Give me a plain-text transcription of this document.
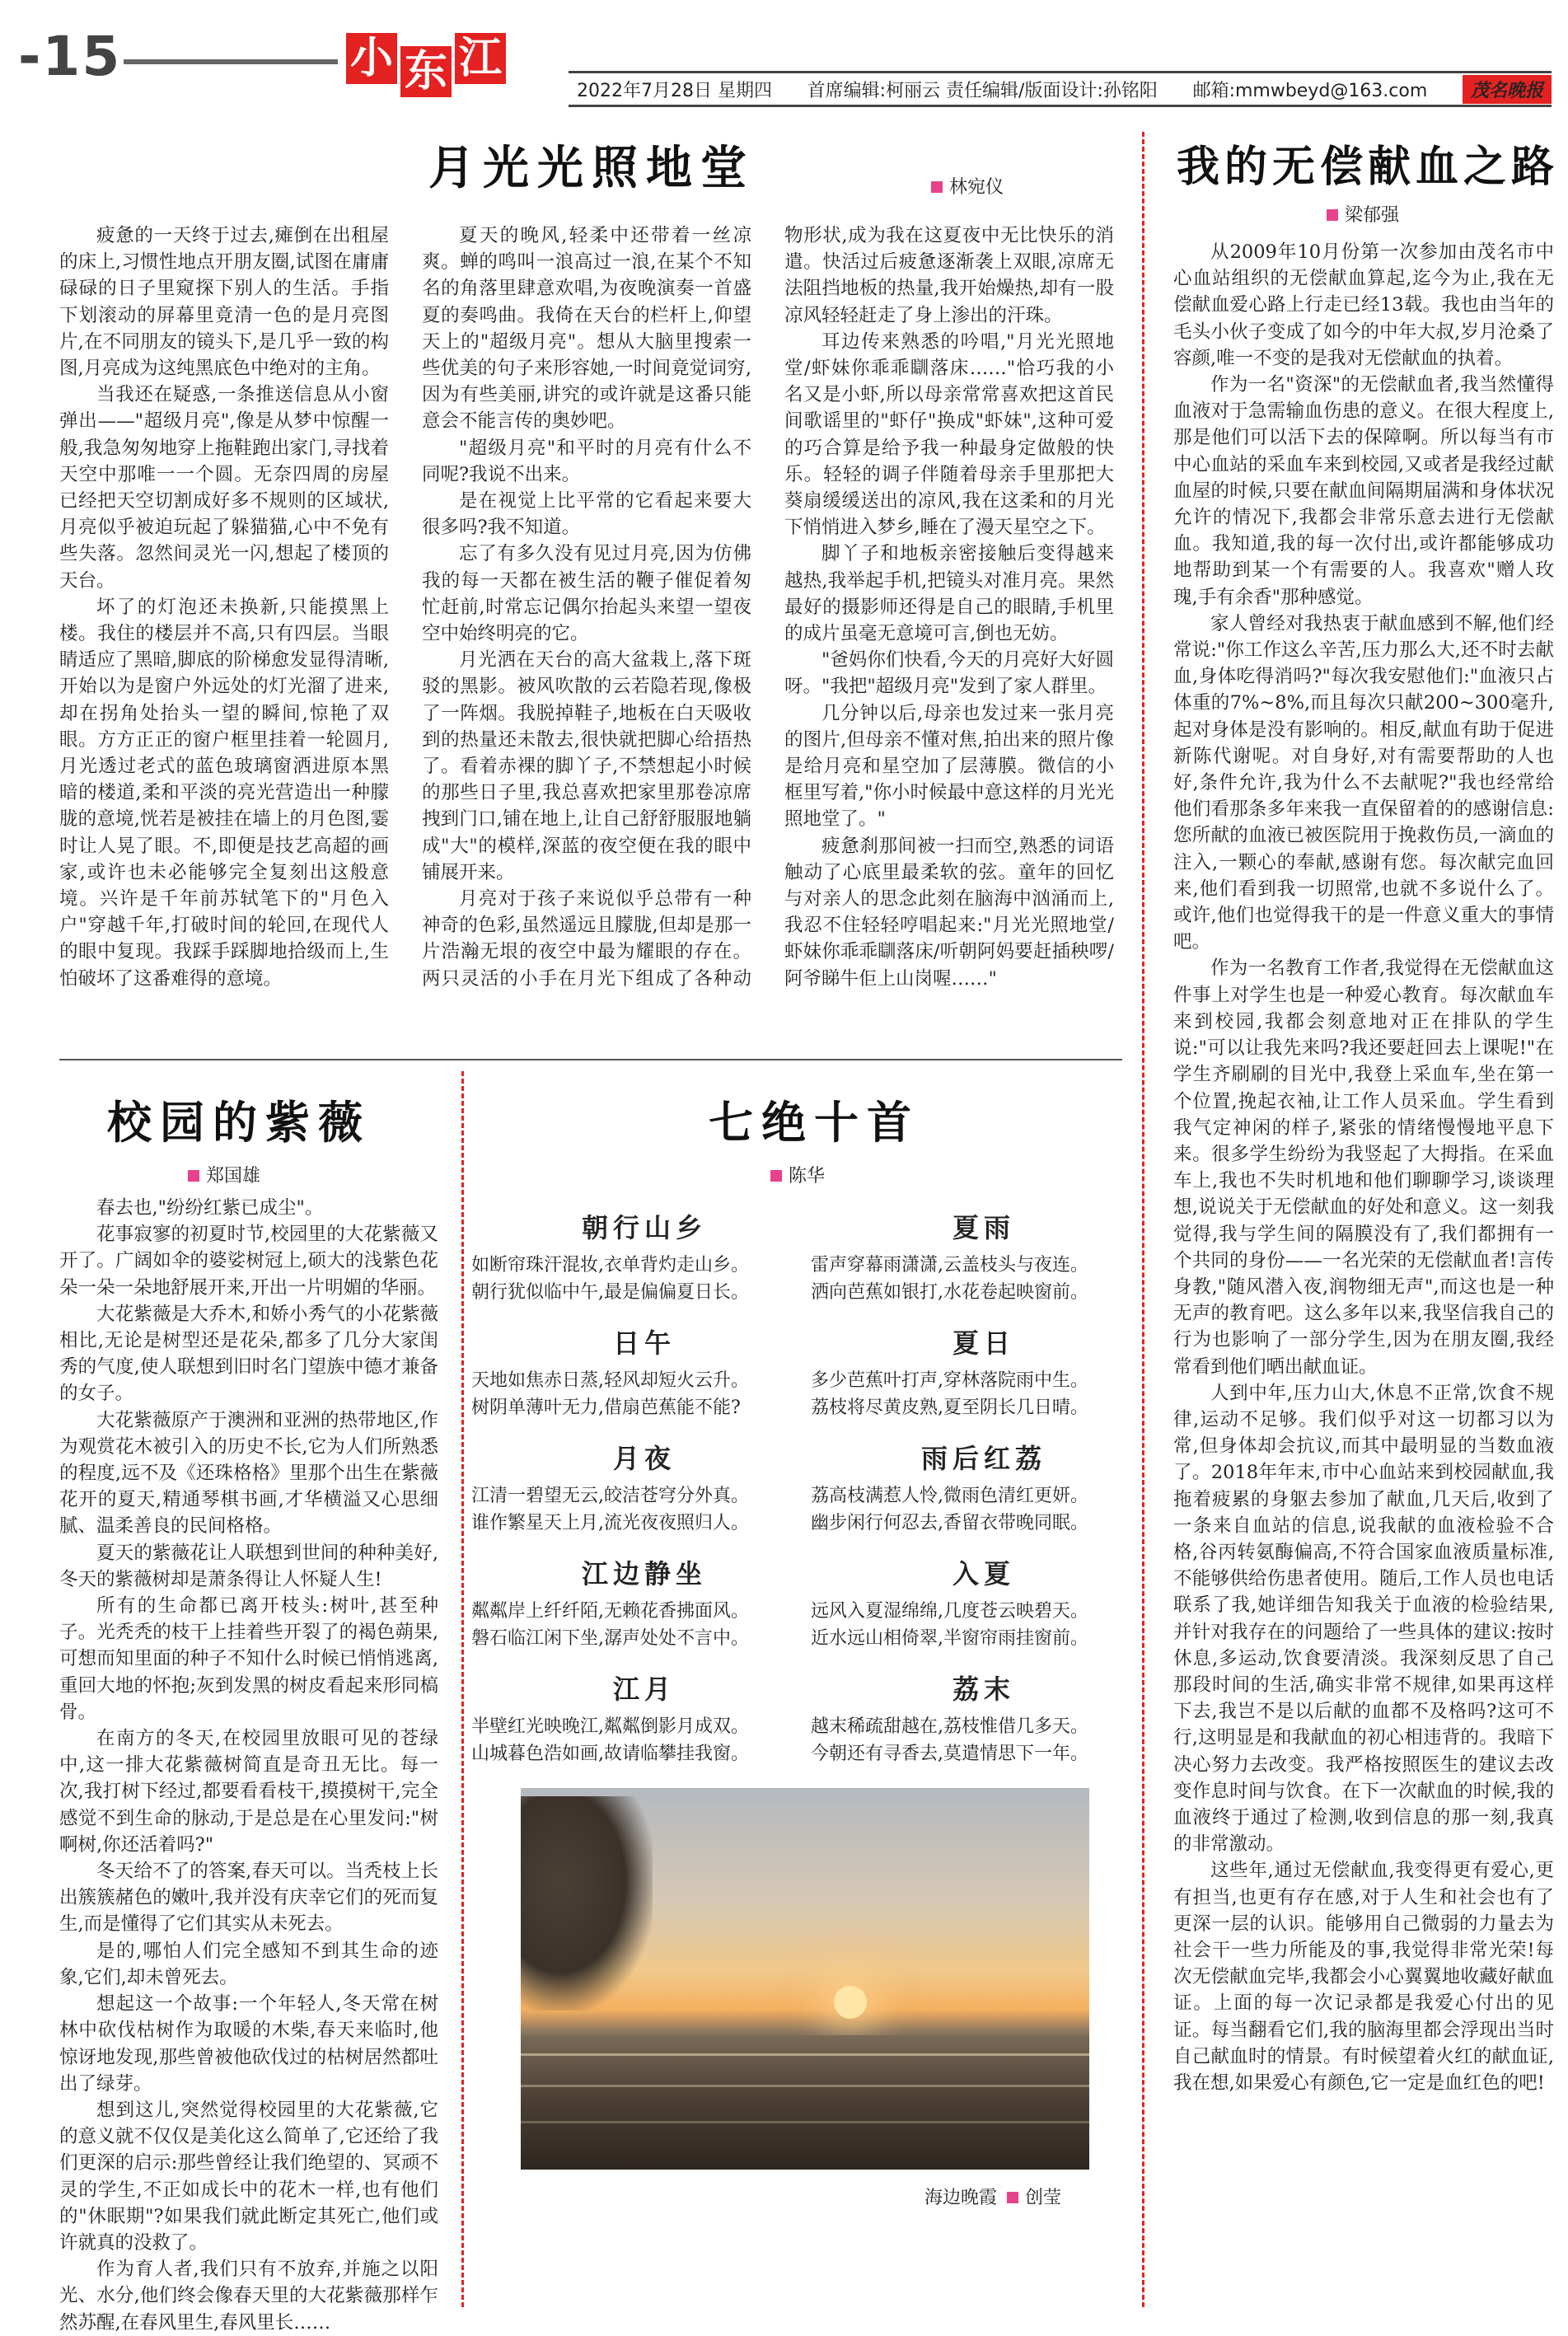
-15	小 东 江
2022年7月28日 星期四 首席编辑:柯丽云 责任编辑/版面设计:孙铭阳 邮箱:mmwbeyd@163.com	茂名晚报
月光光照地堂	林宛仪

疲惫的一天终于过去,瘫倒在出租屋的床上,习惯性地点开朋友圈,试图在庸庸碌碌的日子里窥探下别人的生活。手指下划滚动的屏幕里竟清一色的是月亮图片,在不同朋友的镜头下,是几乎一致的构图,月亮成为这纯黑底色中绝对的主角。

当我还在疑惑,一条推送信息从小窗弹出——"超级月亮",像是从梦中惊醒一般,我急匆匆地穿上拖鞋跑出家门,寻找着天空中那唯一一个圆。无奈四周的房屋已经把天空切割成好多不规则的区域状,月亮似乎被迫玩起了躲猫猫,心中不免有些失落。忽然间灵光一闪,想起了楼顶的天台。

坏了的灯泡还未换新,只能摸黑上楼。我住的楼层并不高,只有四层。当眼睛适应了黑暗,脚底的阶梯愈发显得清晰,开始以为是窗户外远处的灯光溜了进来,却在拐角处抬头一望的瞬间,惊艳了双眼。方方正正的窗户框里挂着一轮圆月,月光透过老式的蓝色玻璃窗洒进原本黑暗的楼道,柔和平淡的亮光营造出一种朦胧的意境,恍若是被挂在墙上的月色图,霎时让人晃了眼。不,即便是技艺高超的画家,或许也未必能够完全复刻出这般意境。兴许是千年前苏轼笔下的"月色入户"穿越千年,打破时间的轮回,在现代人的眼中复现。我踩手踩脚地拾级而上,生怕破坏了这番难得的意境。

夏天的晚风,轻柔中还带着一丝凉爽。蝉的鸣叫一浪高过一浪,在某个不知名的角落里肆意欢唱,为夜晚演奏一首盛夏的奏鸣曲。我倚在天台的栏杆上,仰望天上的"超级月亮"。想从大脑里搜索一些优美的句子来形容她,一时间竟觉词穷,因为有些美丽,讲究的或许就是这番只能意会不能言传的奥妙吧。

"超级月亮"和平时的月亮有什么不同呢?我说不出来。

是在视觉上比平常的它看起来要大很多吗?我不知道。

忘了有多久没有见过月亮,因为仿佛我的每一天都在被生活的鞭子催促着匆忙赶前,时常忘记偶尔抬起头来望一望夜空中始终明亮的它。

月光洒在天台的高大盆栽上,落下斑驳的黑影。被风吹散的云若隐若现,像极了一阵烟。我脱掉鞋子,地板在白天吸收到的热量还未散去,很快就把脚心给捂热了。看着赤裸的脚丫子,不禁想起小时候的那些日子里,我总喜欢把家里那卷凉席拽到门口,铺在地上,让自己舒舒服服地躺成"大"的模样,深蓝的夜空便在我的眼中铺展开来。

月亮对于孩子来说似乎总带有一种神奇的色彩,虽然遥远且朦胧,但却是那一片浩瀚无垠的夜空中最为耀眼的存在。两只灵活的小手在月光下组成了各种动物形状,成为我在这夏夜中无比快乐的消遣。快活过后疲惫逐渐袭上双眼,凉席无法阻挡地板的热量,我开始燥热,却有一股凉风轻轻赶走了身上渗出的汗珠。

耳边传来熟悉的吟唱,"月光光照地堂/虾妹你乖乖瞓落床……"恰巧我的小名又是小虾,所以母亲常常喜欢把这首民间歌谣里的"虾仔"换成"虾妹",这种可爱的巧合算是给予我一种最身定做般的快乐。轻轻的调子伴随着母亲手里那把大葵扇缓缓送出的凉风,我在这柔和的月光下悄悄进入梦乡,睡在了漫天星空之下。

脚丫子和地板亲密接触后变得越来越热,我举起手机,把镜头对准月亮。果然最好的摄影师还得是自己的眼睛,手机里的成片虽毫无意境可言,倒也无妨。

"爸妈你们快看,今天的月亮好大好圆呀。"我把"超级月亮"发到了家人群里。

几分钟以后,母亲也发过来一张月亮的图片,但母亲不懂对焦,拍出来的照片像是给月亮和星空加了层薄膜。微信的小框里写着,"你小时候最中意这样的月光光照地堂了。"

疲惫刹那间被一扫而空,熟悉的词语触动了心底里最柔软的弦。童年的回忆与对亲人的思念此刻在脑海中汹涌而上,我忍不住轻轻哼唱起来:"月光光照地堂/虾妹你乖乖瞓落床/听朝阿妈要赶插秧啰/阿爷睇牛佢上山岗喔……"

我的无偿献血之路
梁郁强

从2009年10月份第一次参加由茂名市中心血站组织的无偿献血算起,迄今为止,我在无偿献血爱心路上行走已经13载。我也由当年的毛头小伙子变成了如今的中年大叔,岁月沧桑了容颜,唯一不变的是我对无偿献血的执着。

作为一名"资深"的无偿献血者,我当然懂得血液对于急需输血伤患的意义。在很大程度上,那是他们可以活下去的保障啊。所以每当有市中心血站的采血车来到校园,又或者是我经过献血屋的时候,只要在献血间隔期届满和身体状况允许的情况下,我都会非常乐意去进行无偿献血。我知道,我的每一次付出,或许都能够成功地帮助到某一个有需要的人。我喜欢"赠人玫瑰,手有余香"那种感觉。

家人曾经对我热衷于献血感到不解,他们经常说:"你工作这么辛苦,压力那么大,还不时去献血,身体吃得消吗?"每次我安慰他们:"血液只占体重的7%~8%,而且每次只献200~300毫升,起对身体是没有影响的。相反,献血有助于促进新陈代谢呢。对自身好,对有需要帮助的人也好,条件允许,我为什么不去献呢?"我也经常给他们看那条多年来我一直保留着的的感谢信息:您所献的血液已被医院用于挽救伤员,一滴血的注入,一颗心的奉献,感谢有您。每次献完血回来,他们看到我一切照常,也就不多说什么了。或许,他们也觉得我干的是一件意义重大的事情吧。

作为一名教育工作者,我觉得在无偿献血这件事上对学生也是一种爱心教育。每次献血车来到校园,我都会刻意地对正在排队的学生说:"可以让我先来吗?我还要赶回去上课呢!"在学生齐刷刷的目光中,我登上采血车,坐在第一个位置,挽起衣袖,让工作人员采血。学生看到我气定神闲的样子,紧张的情绪慢慢地平息下来。很多学生纷纷为我竖起了大拇指。在采血车上,我也不失时机地和他们聊聊学习,谈谈理想,说说关于无偿献血的好处和意义。这一刻我觉得,我与学生间的隔膜没有了,我们都拥有一个共同的身份——一名光荣的无偿献血者!言传身教,"随风潜入夜,润物细无声",而这也是一种无声的教育吧。这么多年以来,我坚信我自己的行为也影响了一部分学生,因为在朋友圈,我经常看到他们晒出献血证。

人到中年,压力山大,休息不正常,饮食不规律,运动不足够。我们似乎对这一切都习以为常,但身体却会抗议,而其中最明显的当数血液了。2018年年末,市中心血站来到校园献血,我拖着疲累的身躯去参加了献血,几天后,收到了一条来自血站的信息,说我献的血液检验不合格,谷丙转氨酶偏高,不符合国家血液质量标准,不能够供给伤患者使用。随后,工作人员也电话联系了我,她详细告知我关于血液的检验结果,并针对我存在的问题给了一些具体的建议:按时休息,多运动,饮食要清淡。我深刻反思了自己那段时间的生活,确实非常不规律,如果再这样下去,我岂不是以后献的血都不及格吗?这可不行,这明显是和我献血的初心相违背的。我暗下决心努力去改变。我严格按照医生的建议去改变作息时间与饮食。在下一次献血的时候,我的血液终于通过了检测,收到信息的那一刻,我真的非常激动。

这些年,通过无偿献血,我变得更有爱心,更有担当,也更有存在感,对于人生和社会也有了更深一层的认识。能够用自己微弱的力量去为社会干一些力所能及的事,我觉得非常光荣!每次无偿献血完毕,我都会小心翼翼地收藏好献血证。上面的每一次记录都是我爱心付出的见证。每当翻看它们,我的脑海里都会浮现出当时自己献血时的情景。有时候望着火红的献血证,我在想,如果爱心有颜色,它一定是血红色的吧!

校园的紫薇
郑国雄

春去也,"纷纷红紫已成尘"。

花事寂寥的初夏时节,校园里的大花紫薇又开了。广阔如伞的婆娑树冠上,硕大的浅紫色花朵一朵一朵地舒展开来,开出一片明媚的华丽。

大花紫薇是大乔木,和娇小秀气的小花紫薇相比,无论是树型还是花朵,都多了几分大家闺秀的气度,使人联想到旧时名门望族中德才兼备的女子。

大花紫薇原产于澳洲和亚洲的热带地区,作为观赏花木被引入的历史不长,它为人们所熟悉的程度,远不及《还珠格格》里那个出生在紫薇花开的夏天,精通琴棋书画,才华横溢又心思细腻、温柔善良的民间格格。

夏天的紫薇花让人联想到世间的种种美好,冬天的紫薇树却是萧条得让人怀疑人生!

所有的生命都已离开枝头:树叶,甚至种子。光秃秃的枝干上挂着些开裂了的褐色蒴果,可想而知里面的种子不知什么时候已悄悄逃离,重回大地的怀抱;灰到发黑的树皮看起来形同槁骨。

在南方的冬天,在校园里放眼可见的苍绿中,这一排大花紫薇树简直是奇丑无比。每一次,我打树下经过,都要看看枝干,摸摸树干,完全感觉不到生命的脉动,于是总是在心里发问:"树啊树,你还活着吗?"

冬天给不了的答案,春天可以。当秃枝上长出簇簇赭色的嫩叶,我并没有庆幸它们的死而复生,而是懂得了它们其实从未死去。

是的,哪怕人们完全感知不到其生命的迹象,它们,却未曾死去。

想起这一个故事:一个年轻人,冬天常在树林中砍伐枯树作为取暖的木柴,春天来临时,他惊讶地发现,那些曾被他砍伐过的枯树居然都吐出了绿芽。

想到这儿,突然觉得校园里的大花紫薇,它的意义就不仅仅是美化这么简单了,它还给了我们更深的启示:那些曾经让我们绝望的、冥顽不灵的学生,不正如成长中的花木一样,也有他们的"休眠期"?如果我们就此断定其死亡,他们或许就真的没救了。

作为育人者,我们只有不放弃,并施之以阳光、水分,他们终会像春天里的大花紫薇那样乍然苏醒,在春风里生,春风里长……

七绝十首
陈华
朝行山乡
如断帘珠汗混妆,衣单背灼走山乡。
朝行犹似临中午,最是偏偏夏日长。
夏雨
雷声穿幕雨潇潇,云盖枝头与夜连。
洒向芭蕉如银打,水花卷起映窗前。
日午
天地如焦赤日蒸,轻风却短火云升。
树阴单薄叶无力,借扇芭蕉能不能?
夏日
多少芭蕉叶打声,穿林落院雨中生。
荔枝将尽黄皮熟,夏至阴长几日晴。
月夜
江清一碧望无云,皎洁苍穹分外真。
谁作繁星天上月,流光夜夜照归人。
雨后红荔
荔高枝满惹人怜,微雨色清红更妍。
幽步闲行何忍去,香留衣带晚同眠。
江边静坐
粼粼岸上纤纤陌,无赖花香拂面风。
磐石临江闲下坐,潺声处处不言中。
入夏
远风入夏湿绵绵,几度苍云映碧天。
近水远山相倚翠,半窗帘雨挂窗前。
江月
半壁红光映晚江,粼粼倒影月成双。
山城暮色浩如画,故请临攀挂我窗。
荔末
越末稀疏甜越在,荔枝惟借几多天。
今朝还有寻香去,莫遣情思下一年。
海边晚霞 创莹
